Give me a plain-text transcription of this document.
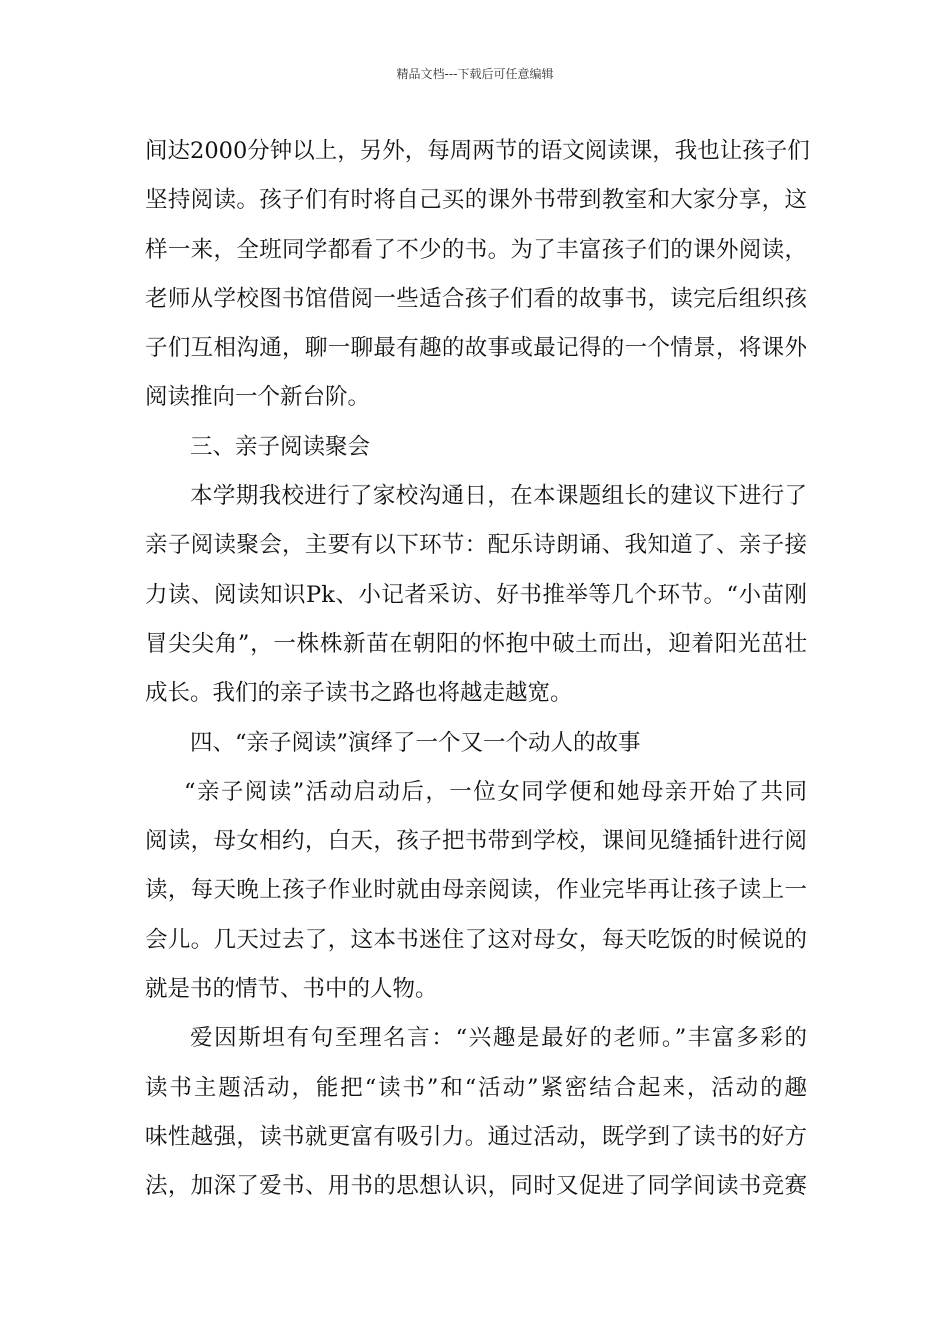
精品文档---下载后可任意编辑
间达2000分钟以上，另外，每周两节的语文阅读课，我也让孩子们
坚持阅读。孩子们有时将自己买的课外书带到教室和大家分享，这
样一来，全班同学都看了不少的书。为了丰富孩子们的课外阅读，
老师从学校图书馆借阅一些适合孩子们看的故事书，读完后组织孩
子们互相沟通，聊一聊最有趣的故事或最记得的一个情景，将课外
阅读推向一个新台阶。
三、亲子阅读聚会
本学期我校进行了家校沟通日，在本课题组长的建议下进行了
亲子阅读聚会，主要有以下环节：配乐诗朗诵、我知道了、亲子接
力读、阅读知识Pk、小记者采访、好书推举等几个环节。“小苗刚
冒尖尖角”，一株株新苗在朝阳的怀抱中破土而出，迎着阳光茁壮
成长。我们的亲子读书之路也将越走越宽。
四、“亲子阅读”演绎了一个又一个动人的故事
“亲子阅读”活动启动后，一位女同学便和她母亲开始了共同
阅读，母女相约，白天，孩子把书带到学校，课间见缝插针进行阅
读，每天晚上孩子作业时就由母亲阅读，作业完毕再让孩子读上一
会儿。几天过去了，这本书迷住了这对母女，每天吃饭的时候说的
就是书的情节、书中的人物。
爱因斯坦有句至理名言：“兴趣是最好的老师。”丰富多彩的
读书主题活动，能把“读书”和“活动”紧密结合起来，活动的趣
味性越强，读书就更富有吸引力。通过活动，既学到了读书的好方
法，加深了爱书、用书的思想认识，同时又促进了同学间读书竞赛
